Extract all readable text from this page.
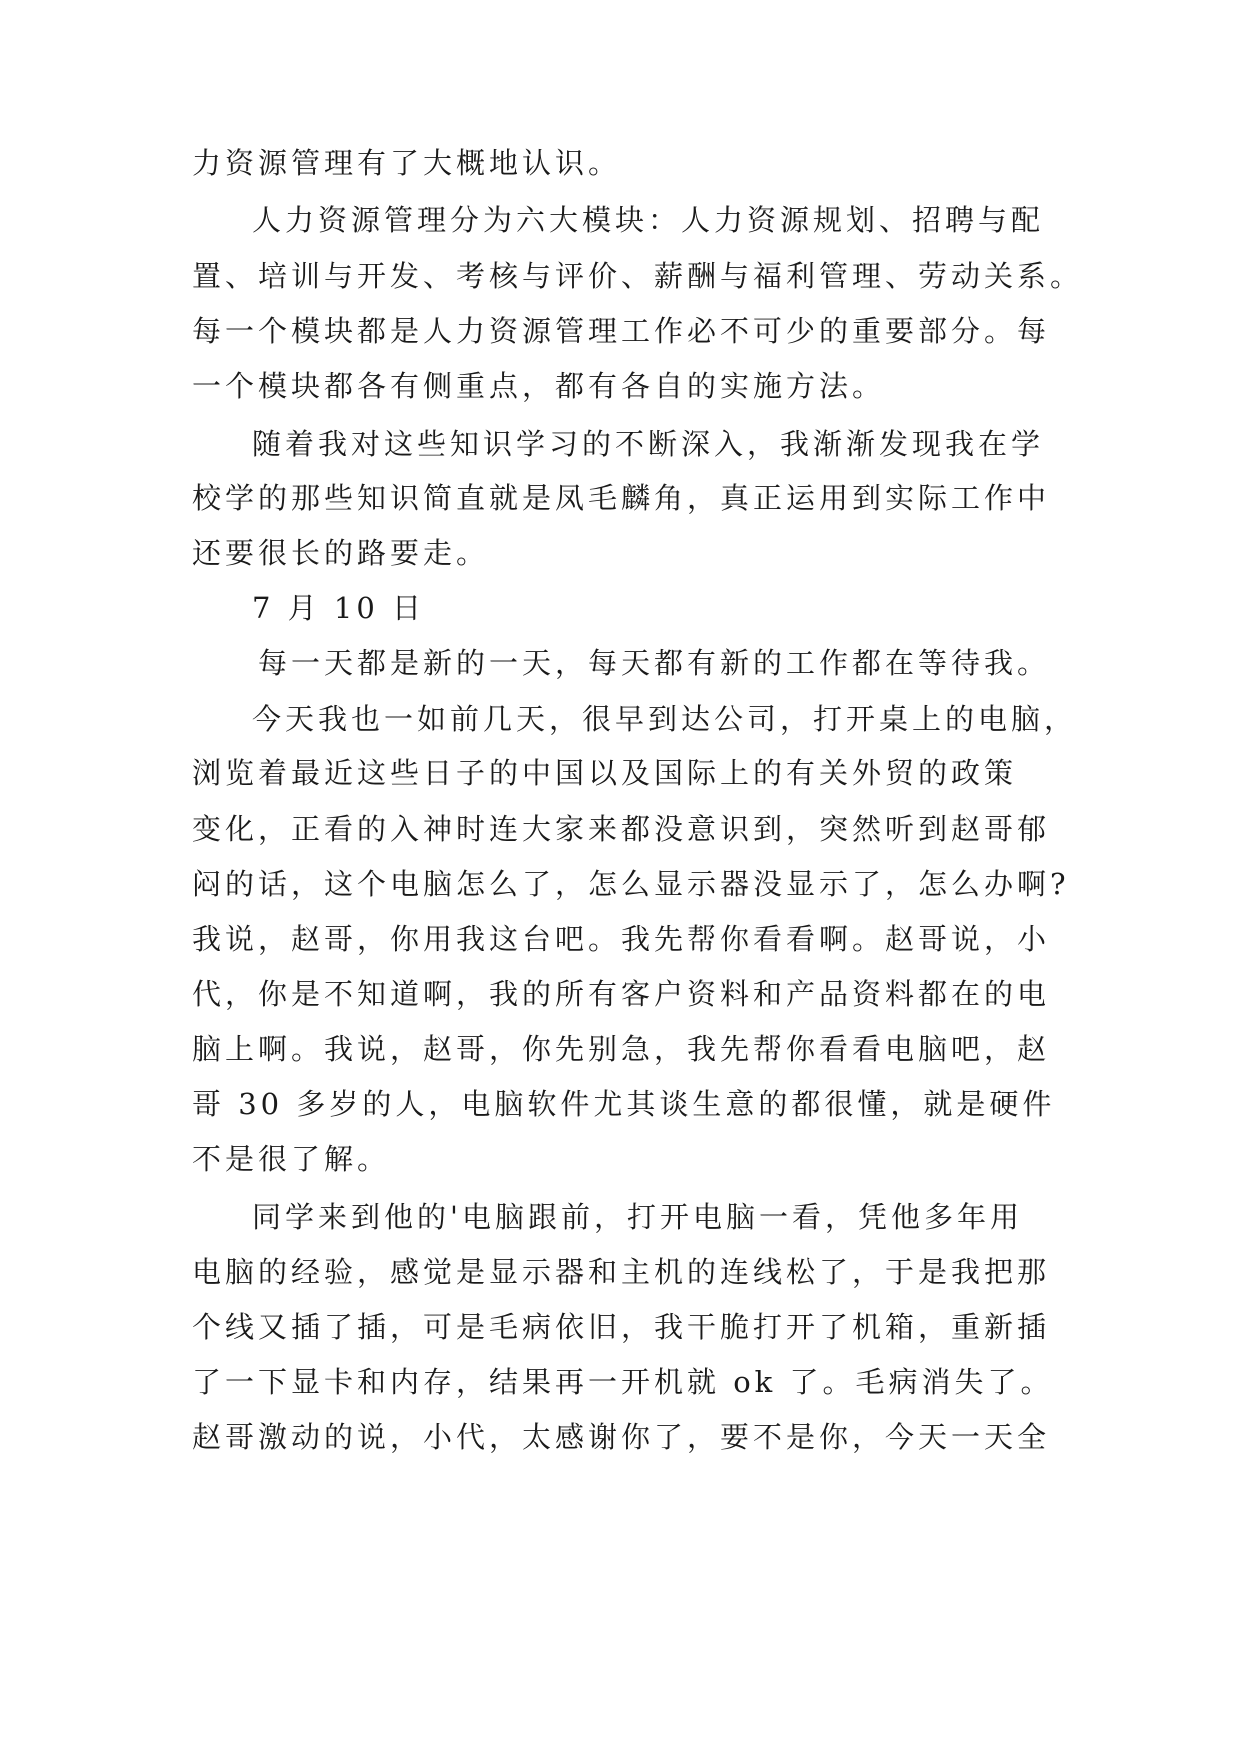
力资源管理有了大概地认识。
人力资源管理分为六大模块：人力资源规划、招聘与配
置、培训与开发、考核与评价、薪酬与福利管理、劳动关系。
每一个模块都是人力资源管理工作必不可少的重要部分。每
一个模块都各有侧重点，都有各自的实施方法。
随着我对这些知识学习的不断深入，我渐渐发现我在学
校学的那些知识简直就是凤毛麟角，真正运用到实际工作中
还要很长的路要走。
7 月 10 日
每一天都是新的一天，每天都有新的工作都在等待我。
今天我也一如前几天，很早到达公司，打开桌上的电脑，
浏览着最近这些日子的中国以及国际上的有关外贸的政策
变化，正看的入神时连大家来都没意识到，突然听到赵哥郁
闷的话，这个电脑怎么了，怎么显示器没显示了，怎么办啊?
我说，赵哥，你用我这台吧。我先帮你看看啊。赵哥说，小
代，你是不知道啊，我的所有客户资料和产品资料都在的电
脑上啊。我说，赵哥，你先别急，我先帮你看看电脑吧，赵
哥 30 多岁的人，电脑软件尤其谈生意的都很懂，就是硬件
不是很了解。
同学来到他的'电脑跟前，打开电脑一看，凭他多年用
电脑的经验，感觉是显示器和主机的连线松了，于是我把那
个线又插了插，可是毛病依旧，我干脆打开了机箱，重新插
了一下显卡和内存，结果再一开机就 ok 了。毛病消失了。
赵哥激动的说，小代，太感谢你了，要不是你，今天一天全
